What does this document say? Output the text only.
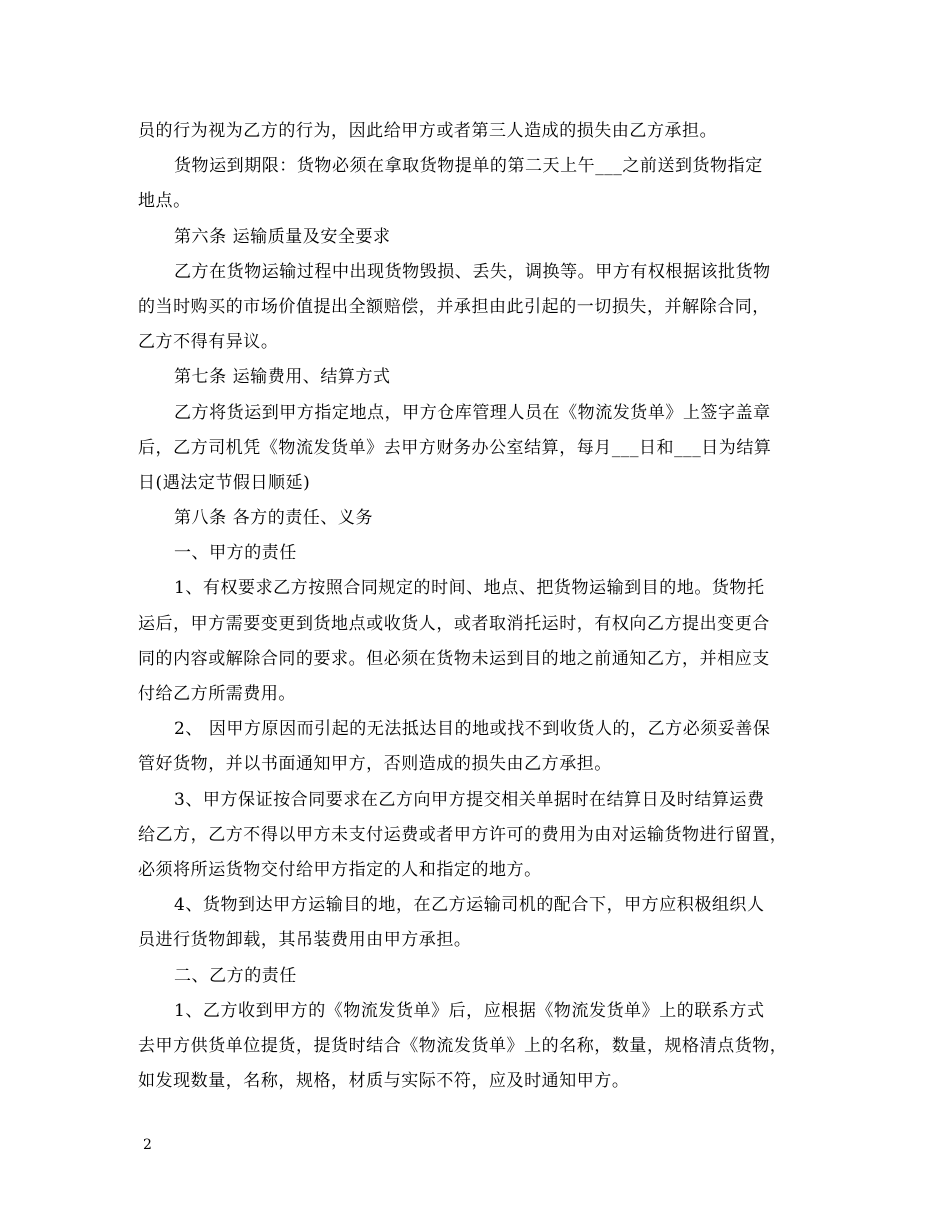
员的行为视为乙方的行为，因此给甲方或者第三人造成的损失由乙方承担。
货物运到期限：货物必须在拿取货物提单的第二天上午___之前送到货物指定
地点。
第六条 运输质量及安全要求
乙方在货物运输过程中出现货物毁损、丢失，调换等。甲方有权根据该批货物
的当时购买的市场价值提出全额赔偿，并承担由此引起的一切损失，并解除合同，
乙方不得有异议。
第七条 运输费用、结算方式
乙方将货运到甲方指定地点，甲方仓库管理人员在《物流发货单》上签字盖章
后，乙方司机凭《物流发货单》去甲方财务办公室结算，每月___日和___日为结算
日(遇法定节假日顺延)
第八条 各方的责任、义务
一、甲方的责任
1、有权要求乙方按照合同规定的时间、地点、把货物运输到目的地。货物托
运后，甲方需要变更到货地点或收货人，或者取消托运时，有权向乙方提出变更合
同的内容或解除合同的要求。但必须在货物未运到目的地之前通知乙方，并相应支
付给乙方所需费用。
2、 因甲方原因而引起的无法抵达目的地或找不到收货人的，乙方必须妥善保
管好货物，并以书面通知甲方，否则造成的损失由乙方承担。
3、甲方保证按合同要求在乙方向甲方提交相关单据时在结算日及时结算运费
给乙方，乙方不得以甲方未支付运费或者甲方许可的费用为由对运输货物进行留置，
必须将所运货物交付给甲方指定的人和指定的地方。
4、货物到达甲方运输目的地，在乙方运输司机的配合下，甲方应积极组织人
员进行货物卸载，其吊装费用由甲方承担。
二、乙方的责任
1、乙方收到甲方的《物流发货单》后，应根据《物流发货单》上的联系方式
去甲方供货单位提货，提货时结合《物流发货单》上的名称，数量，规格清点货物，
如发现数量，名称，规格，材质与实际不符，应及时通知甲方。
2
